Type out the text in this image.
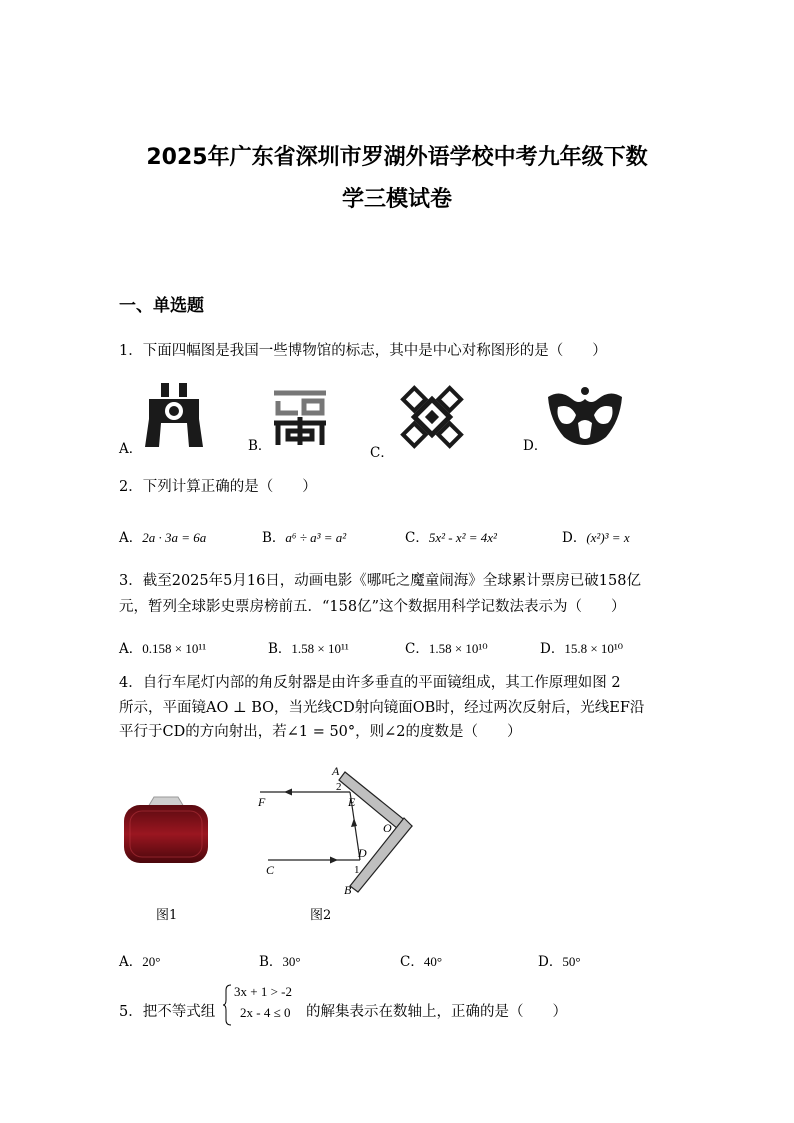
2025年广东省深圳市罗湖外语学校中考九年级下数
学三模试卷
一、单选题
1．下面四幅图是我国一些博物馆的标志，其中是中心对称图形的是（　　）
A．	B．	C．	D．
2．下列计算正确的是（　　）
A．2a · 3a = 6a	B．a⁶ ÷ a³ = a²	C．5x² - x² = 4x²	D．(x²)³ = x
3．截至2025年5月16日，动画电影《哪吒之魔童闹海》全球累计票房已破158亿
元，暂列全球影史票房榜前五．“158亿”这个数据用科学记数法表示为（　　）
A．0.158 × 10¹¹	B．1.58 × 10¹¹	C．1.58 × 10¹⁰	D．15.8 × 10¹⁰
4．自行车尾灯内部的角反射器是由许多垂直的平面镜组成，其工作原理如图 2
所示，平面镜AO ⊥ BO，当光线CD射向镜面OB时，经过两次反射后，光线EF沿
平行于CD的方向射出，若∠1 = 50°，则∠2的度数是（　　）
图1
A
2
E
F
O
D
C	1
B
图2
A．20°	B．30°	C．40°	D．50°
5．把不等式组
3x + 1 > -2
2x - 4 ≤ 0 的解集表示在数轴上，正确的是（　　）
